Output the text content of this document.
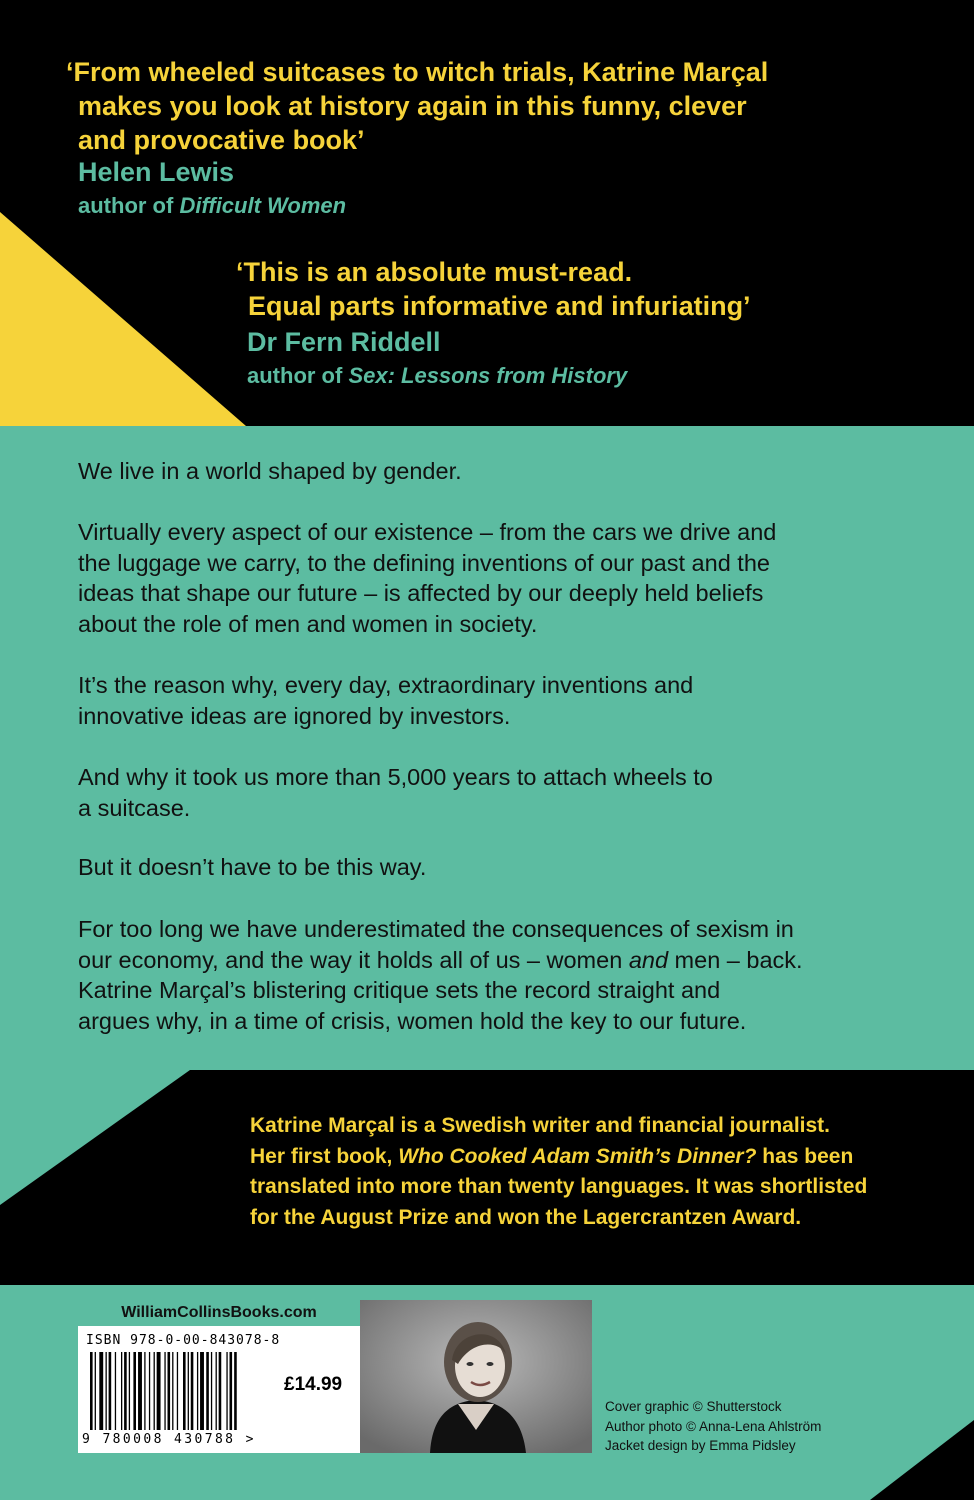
‘From wheeled suitcases to witch trials, Katrine Marçal
makes you look at history again in this funny, clever
and provocative book’
Helen Lewis
author of Difficult Women
‘This is an absolute must-read.
Equal parts informative and infuriating’
Dr Fern Riddell
author of Sex: Lessons from History
We live in a world shaped by gender.
Virtually every aspect of our existence – from the cars we drive and
the luggage we carry, to the defining inventions of our past and the
ideas that shape our future – is affected by our deeply held beliefs
about the role of men and women in society.
It’s the reason why, every day, extraordinary inventions and
innovative ideas are ignored by investors.
And why it took us more than 5,000 years to attach wheels to
a suitcase.
But it doesn’t have to be this way.
For too long we have underestimated the consequences of sexism in
our economy, and the way it holds all of us – women and men – back.
Katrine Marçal’s blistering critique sets the record straight and
argues why, in a time of crisis, women hold the key to our future.
Katrine Marçal is a Swedish writer and financial journalist.
Her first book, Who Cooked Adam Smith’s Dinner? has been
translated into more than twenty languages. It was shortlisted
for the August Prize and won the Lagercrantzen Award.
WilliamCollinsBooks.com
ISBN 978-0-00-843078-8
£14.99
9 780008 430788 >
Cover graphic © Shutterstock
Author photo © Anna-Lena Ahlström
Jacket design by Emma Pidsley
